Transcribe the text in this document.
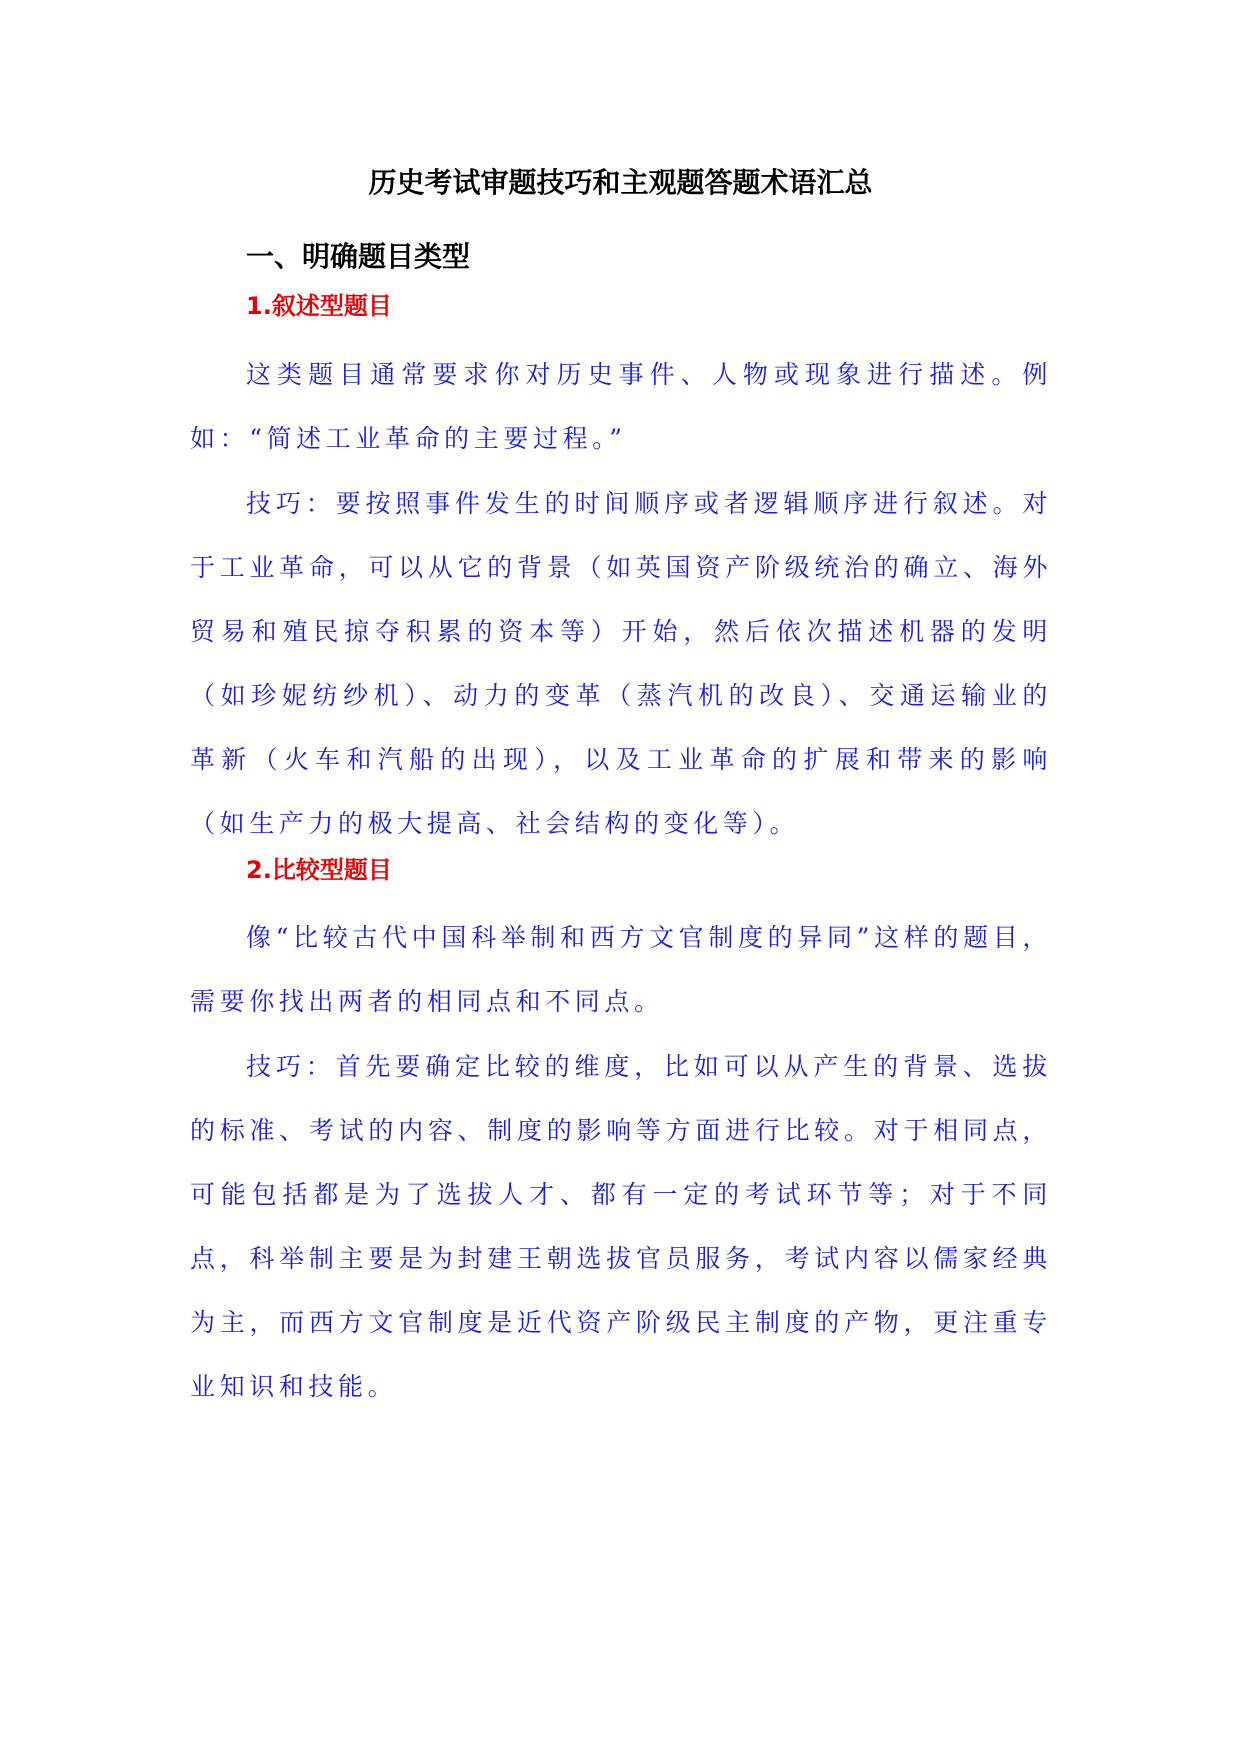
历史考试审题技巧和主观题答题术语汇总
一、明确题目类型
1.叙述型题目

这类题目通常要求你对历史事件、人物或现象进行描述。例如：“简述工业革命的主要过程。”

技巧：要按照事件发生的时间顺序或者逻辑顺序进行叙述。对于工业革命，可以从它的背景（如英国资产阶级统治的确立、海外贸易和殖民掠夺积累的资本等）开始，然后依次描述机器的发明（如珍妮纺纱机）、动力的变革（蒸汽机的改良）、交通运输业的革新（火车和汽船的出现），以及工业革命的扩展和带来的影响（如生产力的极大提高、社会结构的变化等）。

2.比较型题目

像“比较古代中国科举制和西方文官制度的异同”这样的题目，需要你找出两者的相同点和不同点。

技巧：首先要确定比较的维度，比如可以从产生的背景、选拔的标准、考试的内容、制度的影响等方面进行比较。对于相同点，可能包括都是为了选拔人才、都有一定的考试环节等；对于不同点，科举制主要是为封建王朝选拔官员服务，考试内容以儒家经典为主，而西方文官制度是近代资产阶级民主制度的产物，更注重专业知识和技能。
